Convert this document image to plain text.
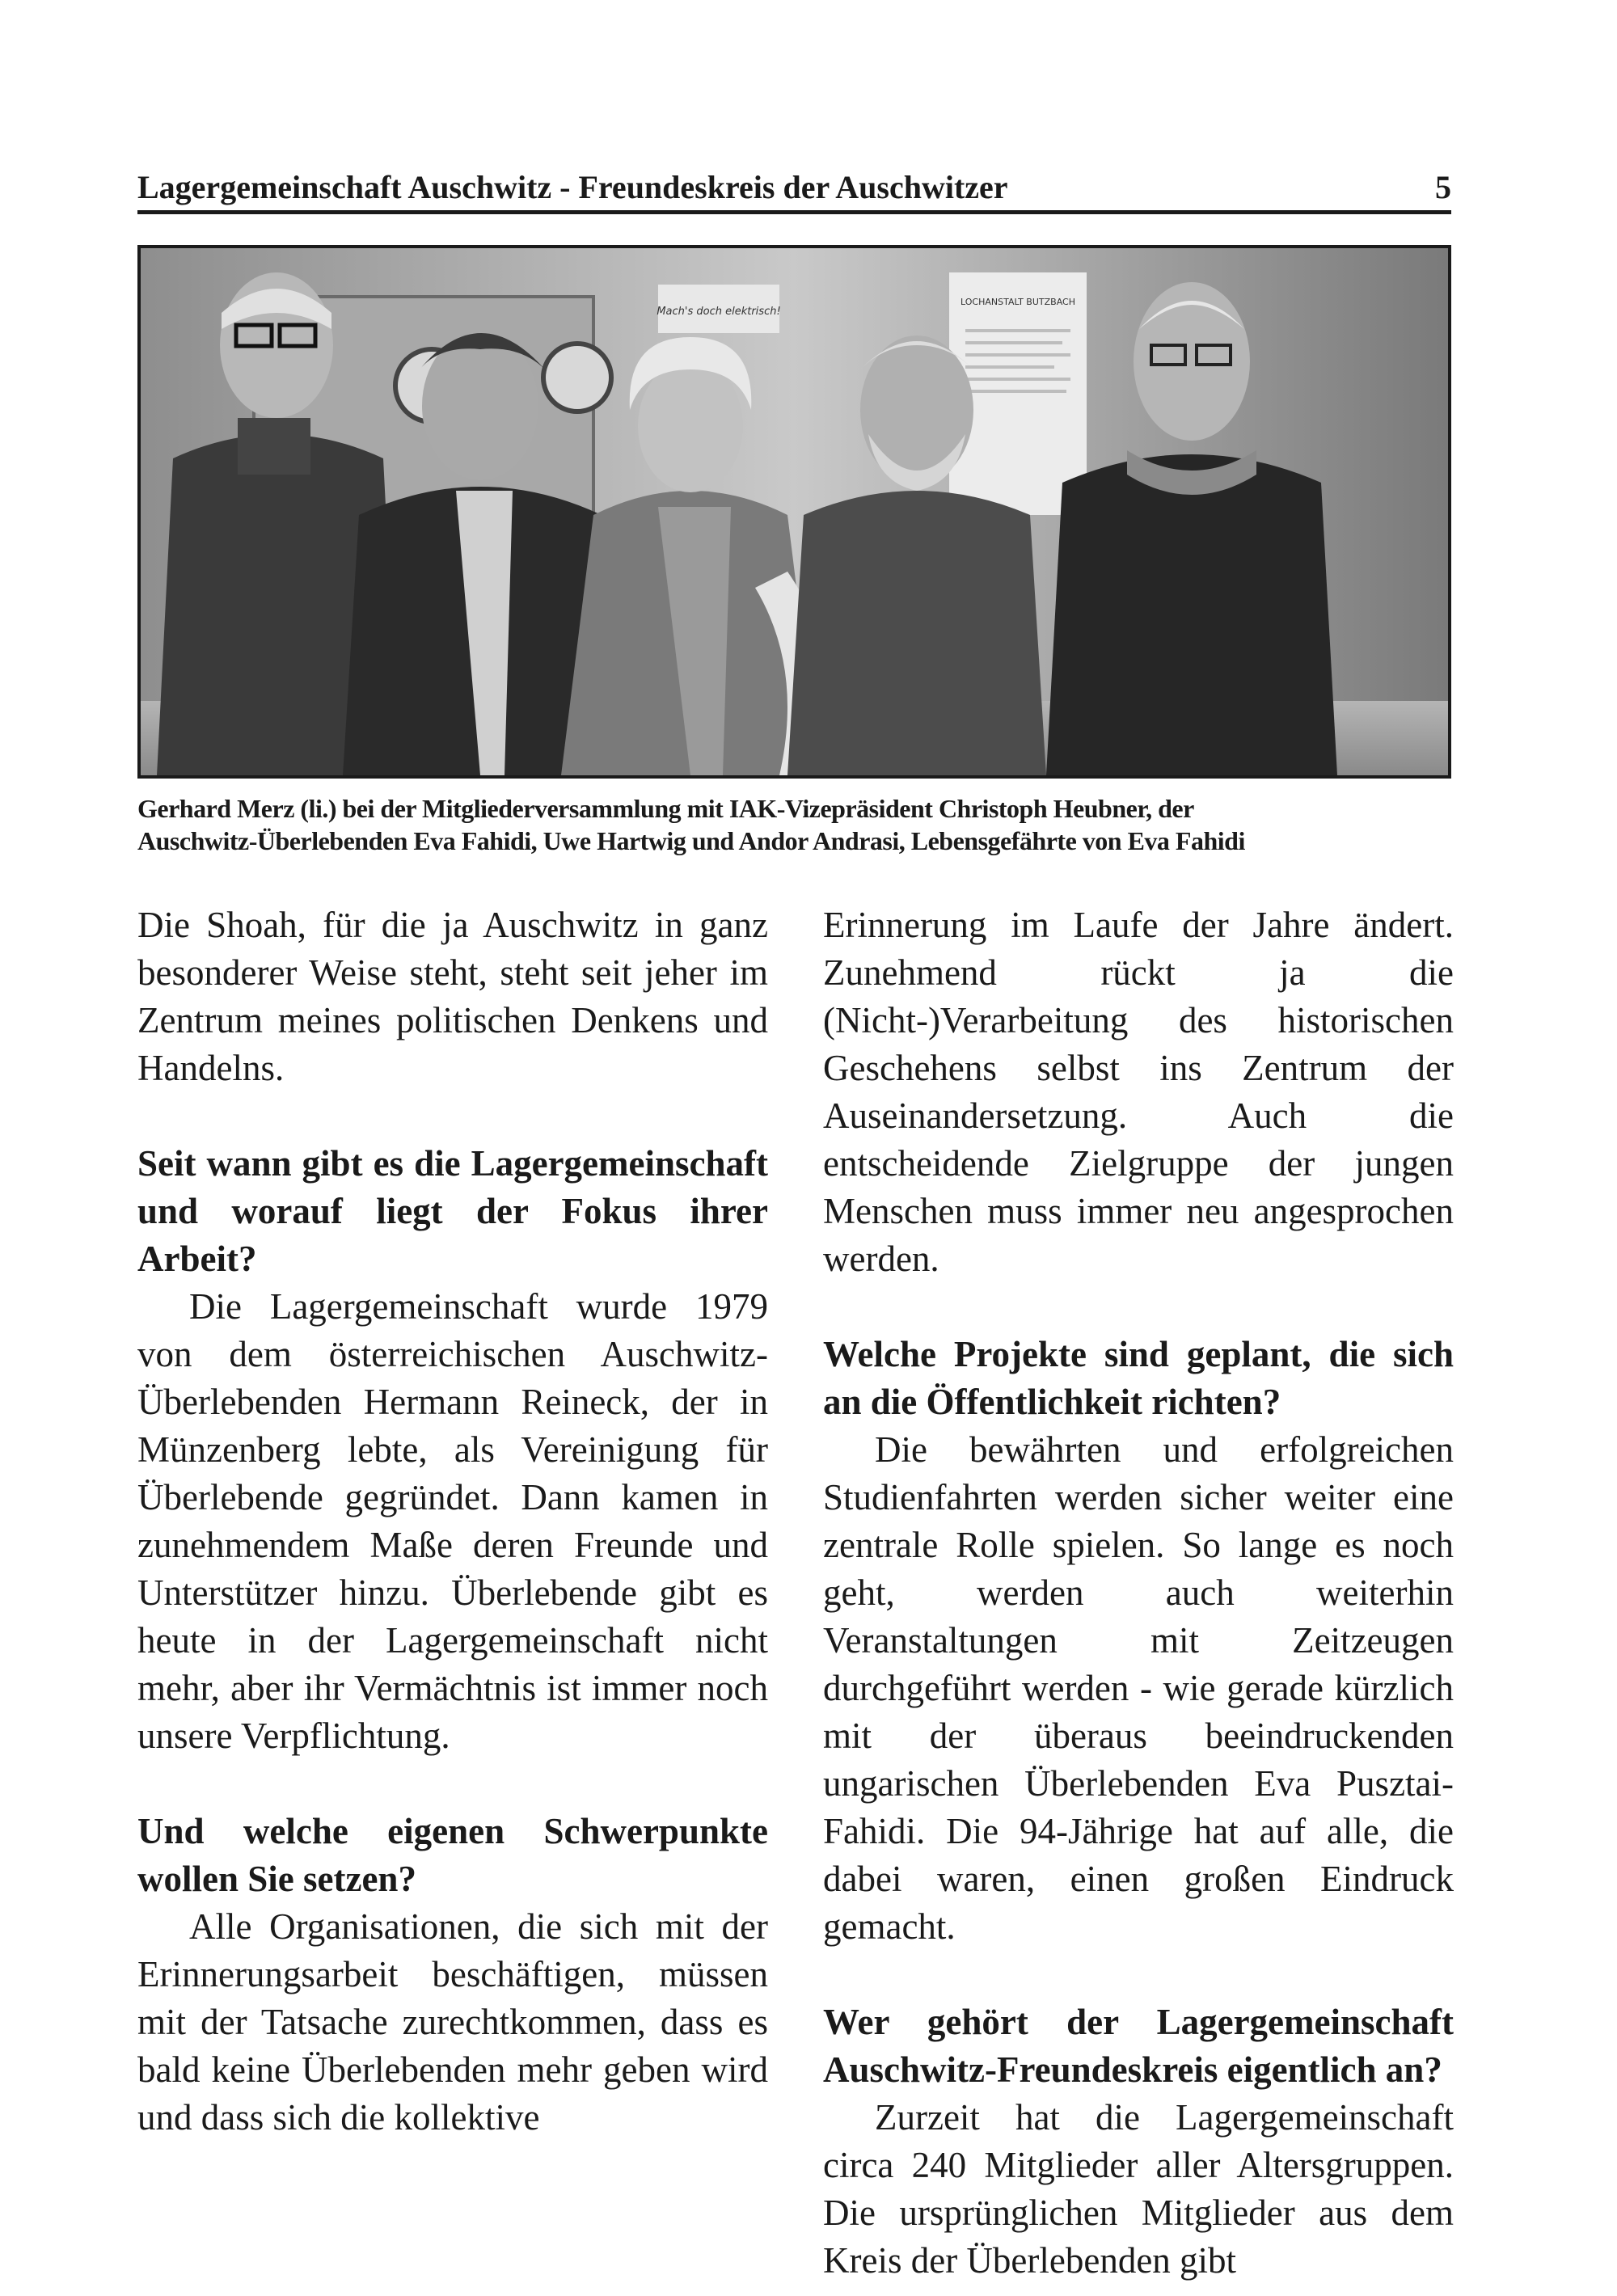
Lagergemeinschaft Auschwitz - Freundeskreis der Auschwitzer	5
Mach's doch elektrisch!
LOCHANSTALT BUTZBACH
Gerhard Merz (li.) bei der Mitgliederversammlung mit IAK-Vizepräsident Christoph Heubner, der
Auschwitz-Überlebenden Eva Fahidi, Uwe Hartwig und Andor Andrasi, Lebensgefährte von Eva Fahidi

Die Shoah, für die ja Auschwitz in ganz besonderer Weise steht, steht seit jeher im Zentrum meines politischen Denkens und Handelns.

Seit wann gibt es die Lagergemeinschaft und worauf liegt der Fokus ihrer Arbeit?

Die Lagergemeinschaft wurde 1979 von dem österreichischen Auschwitz-Überlebenden Hermann Reineck, der in Münzenberg lebte, als Vereinigung für Überlebende gegründet. Dann kamen in zunehmendem Maße deren Freunde und Unterstützer hinzu. Überlebende gibt es heute in der Lagergemeinschaft nicht mehr, aber ihr Vermächtnis ist immer noch unsere Verpflichtung.

Und welche eigenen Schwerpunkte wollen Sie setzen?

Alle Organisationen, die sich mit der Erinnerungsarbeit beschäftigen, müssen mit der Tatsache zurechtkommen, dass es bald keine Überlebenden mehr geben wird und dass sich die kollektive

Erinnerung im Laufe der Jahre ändert. Zunehmend rückt ja die (Nicht-)Verarbeitung des historischen Geschehens selbst ins Zentrum der Auseinandersetzung. Auch die entscheidende Zielgruppe der jungen Menschen muss immer neu angesprochen werden.

Welche Projekte sind geplant, die sich an die Öffentlichkeit richten?

Die bewährten und erfolgreichen Studienfahrten werden sicher weiter eine zentrale Rolle spielen. So lange es noch geht, werden auch weiterhin Veranstaltungen mit Zeitzeugen durchgeführt werden - wie gerade kürzlich mit der überaus beeindruckenden ungarischen Überlebenden Eva Pusztai-Fahidi. Die 94-Jährige hat auf alle, die dabei waren, einen großen Eindruck gemacht.

Wer gehört der Lagergemeinschaft Auschwitz-Freundeskreis eigentlich an?

Zurzeit hat die Lagergemeinschaft circa 240 Mitglieder aller Altersgruppen. Die ursprünglichen Mitglieder aus dem Kreis der Überlebenden gibt
